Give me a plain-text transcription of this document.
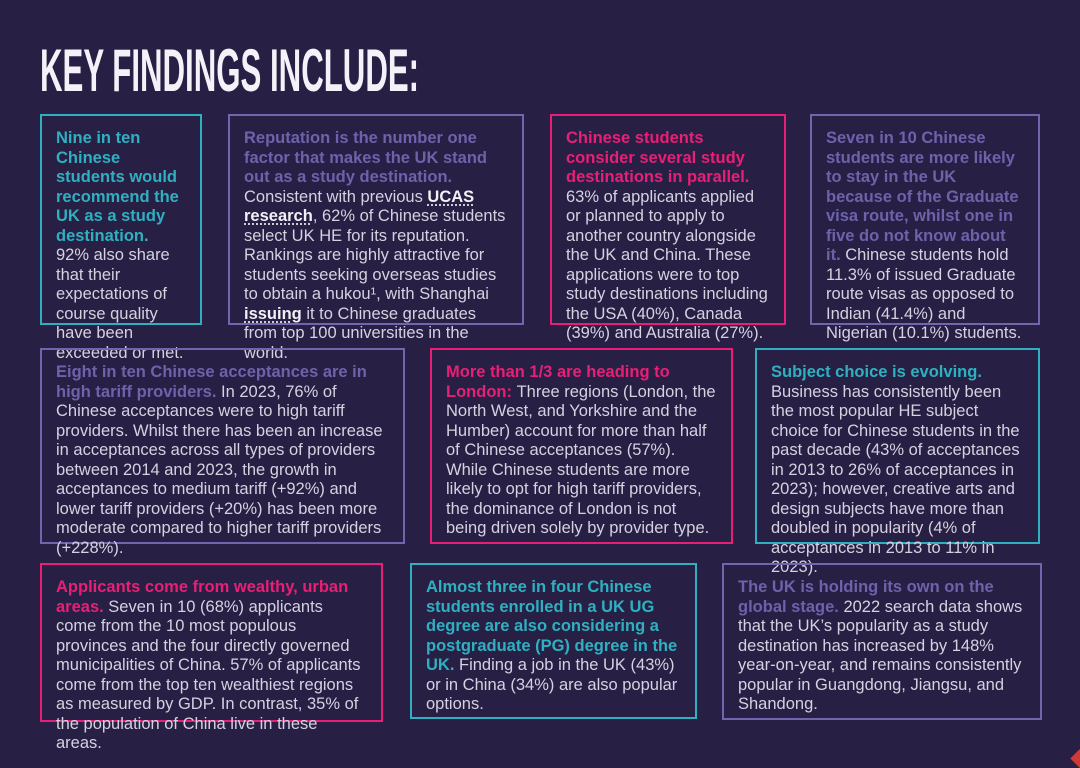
KEY FINDINGS INCLUDE:

Nine in ten Chinese students would recommend the UK as a study destination. 92% also share that their expectations of course quality have been exceeded or met.

Reputation is the number one factor that makes the UK stand out as a study destination. Consistent with previous UCAS research, 62% of Chinese students select UK HE for its reputation. Rankings are highly attractive for students seeking overseas studies to obtain a hukou¹, with Shanghai issuing it to Chinese graduates from top 100 universities in the world.

Chinese students consider several study destinations in parallel. 63% of applicants applied or planned to apply to another country alongside the UK and China. These applications were to top study destinations including the USA (40%), Canada (39%) and Australia (27%).

Seven in 10 Chinese students are more likely to stay in the UK because of the Graduate visa route, whilst one in five do not know about it. Chinese students hold 11.3% of issued Graduate route visas as opposed to Indian (41.4%) and Nigerian (10.1%) students.

Eight in ten Chinese acceptances are in high tariff providers. In 2023, 76% of Chinese acceptances were to high tariff providers. Whilst there has been an increase in acceptances across all types of providers between 2014 and 2023, the growth in acceptances to medium tariff (+92%) and lower tariff providers (+20%) has been more moderate compared to higher tariff providers (+228%).

More than 1/3 are heading to London: Three regions (London, the North West, and Yorkshire and the Humber) account for more than half of Chinese acceptances (57%). While Chinese students are more likely to opt for high tariff providers, the dominance of London is not being driven solely by provider type.

Subject choice is evolving. Business has consistently been the most popular HE subject choice for Chinese students in the past decade (43% of acceptances in 2013 to 26% of acceptances in 2023); however, creative arts and design subjects have more than doubled in popularity (4% of acceptances in 2013 to 11% in 2023).

Applicants come from wealthy, urban areas. Seven in 10 (68%) applicants come from the 10 most populous provinces and the four directly governed municipalities of China. 57% of applicants come from the top ten wealthiest regions as measured by GDP. In contrast, 35% of the population of China live in these areas.

Almost three in four Chinese students enrolled in a UK UG degree are also considering a postgraduate (PG) degree in the UK. Finding a job in the UK (43%) or in China (34%) are also popular options.

The UK is holding its own on the global stage. 2022 search data shows that the UK’s popularity as a study destination has increased by 148% year-on-year, and remains consistently popular in Guangdong, Jiangsu, and Shandong.
